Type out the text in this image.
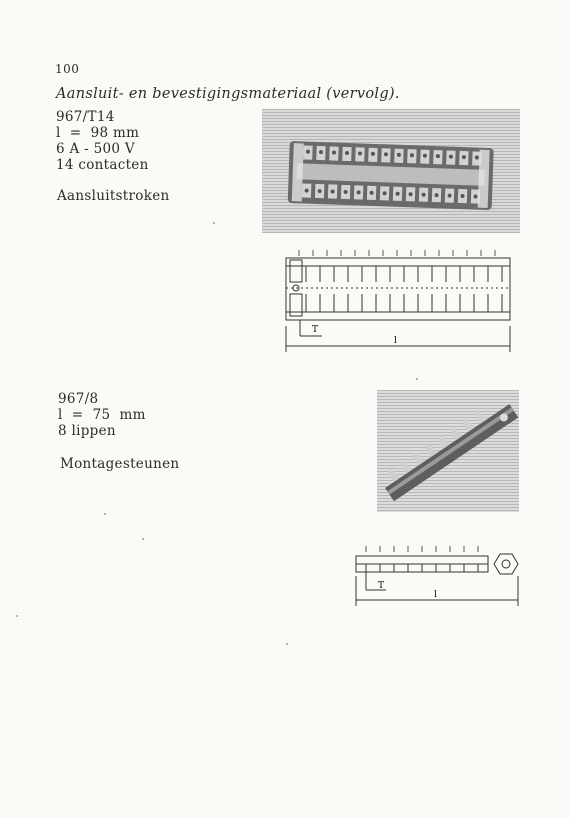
100
Aansluit- en bevestigingsmateriaal (vervolg).
967/T14
l  =  98 mm
6 A - 500 V
14 contacten
Aansluitstroken
l
T
967/8
l  =  75  mm
8 lippen
Montagesteunen
l
T
